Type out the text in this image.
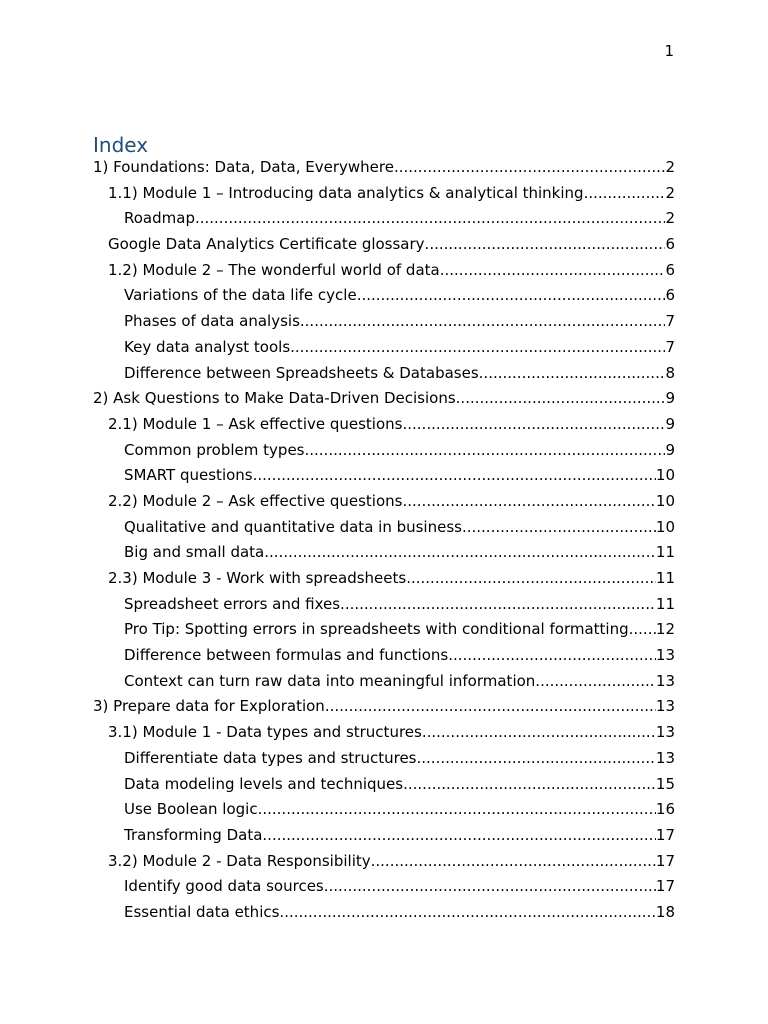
1
Index
1) Foundations: Data, Data, Everywhere .....	2
1.1) Module 1 – Introducing data analytics & analytical thinking .....	2
Roadmap .....	2
Google Data Analytics Certificate glossary .....	6
1.2) Module 2 – The wonderful world of data .....	6
Variations of the data life cycle .....	6
Phases of data analysis .....	7
Key data analyst tools .....	7
Difference between Spreadsheets & Databases .....	8
2) Ask Questions to Make Data-Driven Decisions .....	9
2.1) Module 1 – Ask effective questions .....	9
Common problem types .....	9
SMART questions .....	10
2.2) Module 2 – Ask effective questions .....	10
Qualitative and quantitative data in business .....	10
Big and small data .....	11
2.3) Module 3 - Work with spreadsheets .....	11
Spreadsheet errors and fixes .....	11
Pro Tip: Spotting errors in spreadsheets with conditional formatting ..... 12
Difference between formulas and functions .....	13
Context can turn raw data into meaningful information .....	13
3) Prepare data for Exploration .....	13
3.1) Module 1 - Data types and structures .....	13
Differentiate data types and structures .....	13
Data modeling levels and techniques .....	15
Use Boolean logic .....	16
Transforming Data .....	17
3.2) Module 2 - Data Responsibility .....	17
Identify good data sources .....	17
Essential data ethics .....	18
